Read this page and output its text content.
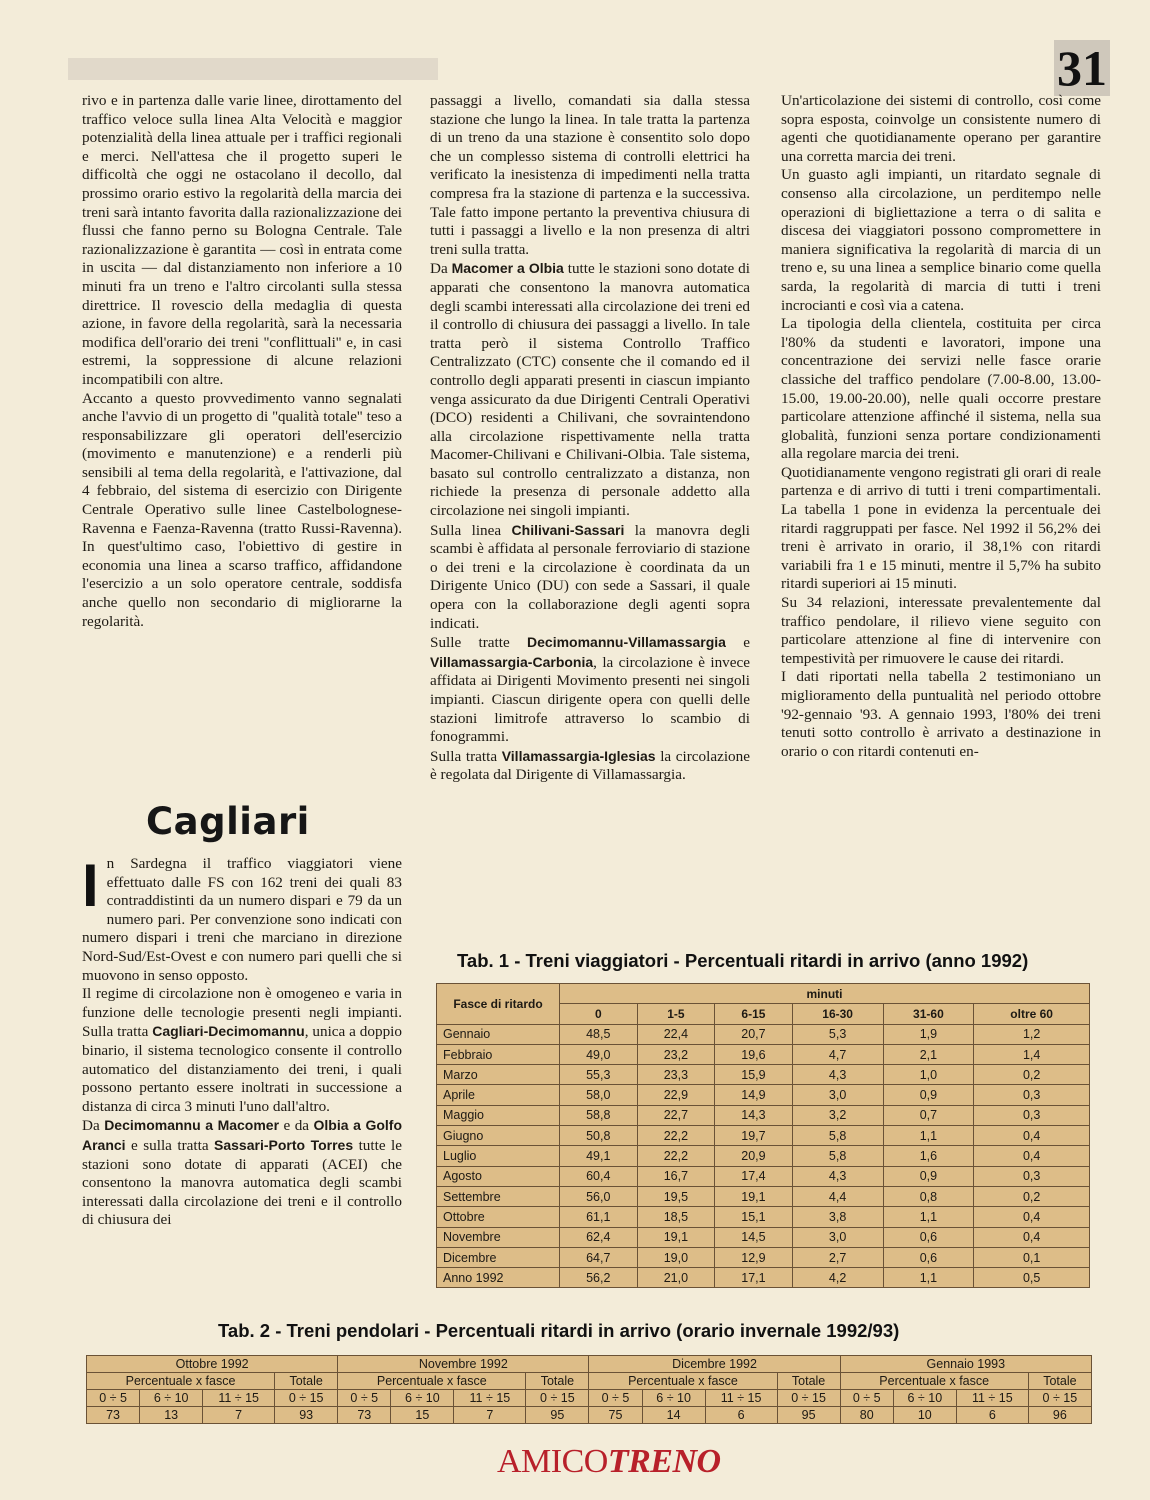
31

rivo e in partenza dalle varie linee, dirottamento del traffico veloce sulla linea Alta Velocità e maggior potenzialità della linea attuale per i traffici regionali e merci. Nell'attesa che il progetto superi le difficoltà che oggi ne ostacolano il decollo, dal prossimo orario estivo la regolarità della marcia dei treni sarà intanto favorita dalla razionalizzazione dei flussi che fanno perno su Bologna Centrale. Tale razionalizzazione è garantita — così in entrata come in uscita — dal distanziamento non inferiore a 10 minuti fra un treno e l'altro circolanti sulla stessa direttrice. Il rovescio della medaglia di questa azione, in favore della regolarità, sarà la necessaria modifica dell'orario dei treni ''conflittuali'' e, in casi estremi, la soppressione di alcune relazioni incompatibili con altre.

Accanto a questo provvedimento vanno segnalati anche l'avvio di un progetto di ''qualità totale'' teso a responsabilizzare gli operatori dell'esercizio (movimento e manutenzione) e a renderli più sensibili al tema della regolarità, e l'attivazione, dal 4 febbraio, del sistema di esercizio con Dirigente Centrale Operativo sulle linee Castelbolognese-Ravenna e Faenza-Ravenna (tratto Russi-Ravenna). In quest'ultimo caso, l'obiettivo di gestire in economia una linea a scarso traffico, affidandone l'esercizio a un solo operatore centrale, soddisfa anche quello non secondario di migliorarne la regolarità.

Cagliari

In Sardegna il traffico viaggiatori viene effettuato dalle FS con 162 treni dei quali 83 contraddistinti da un numero dispari e 79 da un numero pari. Per convenzione sono indicati con numero dispari i treni che marciano in direzione Nord-Sud/Est-Ovest e con numero pari quelli che si muovono in senso opposto.

Il regime di circolazione non è omogeneo e varia in funzione delle tecnologie presenti negli impianti. Sulla tratta Cagliari-Decimomannu, unica a doppio binario, il sistema tecnologico consente il controllo automatico del distanziamento dei treni, i quali possono pertanto essere inoltrati in successione a distanza di circa 3 minuti l'uno dall'altro.

Da Decimomannu a Macomer e da Olbia a Golfo Aranci e sulla tratta Sassari-Porto Torres tutte le stazioni sono dotate di apparati (ACEI) che consentono la manovra automatica degli scambi interessati dalla circolazione dei treni e il controllo di chiusura dei

passaggi a livello, comandati sia dalla stessa stazione che lungo la linea. In tale tratta la partenza di un treno da una stazione è consentito solo dopo che un complesso sistema di controlli elettrici ha verificato la inesistenza di impedimenti nella tratta compresa fra la stazione di partenza e la successiva. Tale fatto impone pertanto la preventiva chiusura di tutti i passaggi a livello e la non presenza di altri treni sulla tratta.

Da Macomer a Olbia tutte le stazioni sono dotate di apparati che consentono la manovra automatica degli scambi interessati alla circolazione dei treni ed il controllo di chiusura dei passaggi a livello. In tale tratta però il sistema Controllo Traffico Centralizzato (CTC) consente che il comando ed il controllo degli apparati presenti in ciascun impianto venga assicurato da due Dirigenti Centrali Operativi (DCO) residenti a Chilivani, che sovraintendono alla circolazione rispettivamente nella tratta Macomer-Chilivani e Chilivani-Olbia. Tale sistema, basato sul controllo centralizzato a distanza, non richiede la presenza di personale addetto alla circolazione nei singoli impianti.

Sulla linea Chilivani-Sassari la manovra degli scambi è affidata al personale ferroviario di stazione o dei treni e la circolazione è coordinata da un Dirigente Unico (DU) con sede a Sassari, il quale opera con la collaborazione degli agenti sopra indicati.

Sulle tratte Decimomannu-Villamassargia e Villamassargia-Carbonia, la circolazione è invece affidata ai Dirigenti Movimento presenti nei singoli impianti. Ciascun dirigente opera con quelli delle stazioni limitrofe attraverso lo scambio di fonogrammi.

Sulla tratta Villamassargia-Iglesias la circolazione è regolata dal Dirigente di Villamassargia.

Un'articolazione dei sistemi di controllo, così come sopra esposta, coinvolge un consistente numero di agenti che quotidianamente operano per garantire una corretta marcia dei treni.

Un guasto agli impianti, un ritardato segnale di consenso alla circolazione, un perditempo nelle operazioni di bigliettazione a terra o di salita e discesa dei viaggiatori possono compromettere in maniera significativa la regolarità di marcia di un treno e, su una linea a semplice binario come quella sarda, la regolarità di marcia di tutti i treni incrocianti e così via a catena.

La tipologia della clientela, costituita per circa l'80% da studenti e lavoratori, impone una concentrazione dei servizi nelle fasce orarie classiche del traffico pendolare (7.00-8.00, 13.00-15.00, 19.00-20.00), nelle quali occorre prestare particolare attenzione affinché il sistema, nella sua globalità, funzioni senza portare condizionamenti alla regolare marcia dei treni.

Quotidianamente vengono registrati gli orari di reale partenza e di arrivo di tutti i treni compartimentali. La tabella 1 pone in evidenza la percentuale dei ritardi raggruppati per fasce. Nel 1992 il 56,2% dei treni è arrivato in orario, il 38,1% con ritardi variabili fra 1 e 15 minuti, mentre il 5,7% ha subito ritardi superiori ai 15 minuti.

Su 34 relazioni, interessate prevalentemente dal traffico pendolare, il rilievo viene seguito con particolare attenzione al fine di intervenire con tempestività per rimuovere le cause dei ritardi.

I dati riportati nella tabella 2 testimoniano un miglioramento della puntualità nel periodo ottobre '92-gennaio '93. A gennaio 1993, l'80% dei treni tenuti sotto controllo è arrivato a destinazione in orario o con ritardi contenuti en-

Tab. 1 - Treni viaggiatori - Percentuali ritardi in arrivo (anno 1992)
Fasce di ritardo	minuti					
	0	1-5	6-15	16-30	31-60	oltre 60
Gennaio	48,5	22,4	20,7	5,3	1,9	1,2
Febbraio	49,0	23,2	19,6	4,7	2,1	1,4
Marzo	55,3	23,3	15,9	4,3	1,0	0,2
Aprile	58,0	22,9	14,9	3,0	0,9	0,3
Maggio	58,8	22,7	14,3	3,2	0,7	0,3
Giugno	50,8	22,2	19,7	5,8	1,1	0,4
Luglio	49,1	22,2	20,9	5,8	1,6	0,4
Agosto	60,4	16,7	17,4	4,3	0,9	0,3
Settembre	56,0	19,5	19,1	4,4	0,8	0,2
Ottobre	61,1	18,5	15,1	3,8	1,1	0,4
Novembre	62,4	19,1	14,5	3,0	0,6	0,4
Dicembre	64,7	19,0	12,9	2,7	0,6	0,1
Anno 1992	56,2	21,0	17,1	4,2	1,1	0,5
Tab. 2 - Treni pendolari - Percentuali ritardi in arrivo (orario invernale 1992/93)
Ottobre 1992				Novembre 1992				Dicembre 1992				Gennaio 1993			
Percentuale x fasce			Totale	Percentuale x fasce			Totale	Percentuale x fasce			Totale	Percentuale x fasce			Totale
0 ÷ 5	6 ÷ 10	11 ÷ 15	0 ÷ 15	0 ÷ 5	6 ÷ 10	11 ÷ 15	0 ÷ 15	0 ÷ 5	6 ÷ 10	11 ÷ 15	0 ÷ 15	0 ÷ 5	6 ÷ 10	11 ÷ 15	0 ÷ 15
73	13	7	93	73	15	7	95	75	14	6	95	80	10	6	96
AMICOTRENO
